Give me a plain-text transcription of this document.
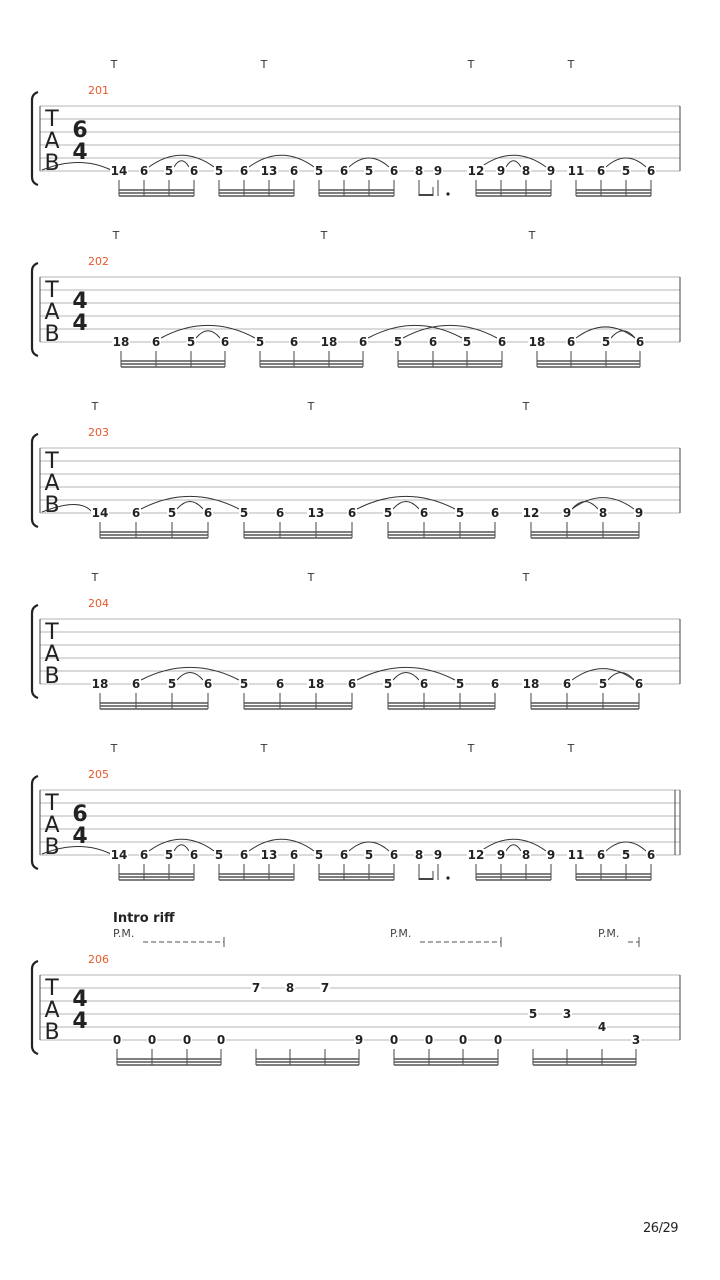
T
A
B
6
4
201
T	T	T	T
14 6 5 6 5 6 13 6 5 6 5 6 8 9 12 9 8 9 11 6 5 6
T
A
B
4
4
202
T	T	T
18 6 5 6 5 6 18 6 5 6 5 6 18 6 5 6
T
A
B
203
T	T	T
14 6 5 6 5 6 13 6 5 6 5 6 12 9 8 9
T
A
B
204
T	T	T
18 6 5 6 5 6 18 6 5 6 5 6 18 6 5 6
T
A
B
6
4
205
T	T	T	T
14 6 5 6 5 6 13 6 5 6 5 6 8 9 12 9 8 9 11 6 5 6
T
A
B
4
4
206
Intro riff
P.M.	P.M.	P.M.
0 0 0 0
7 8 7
9 0 0 0 0
5 3
4
3
26/29
